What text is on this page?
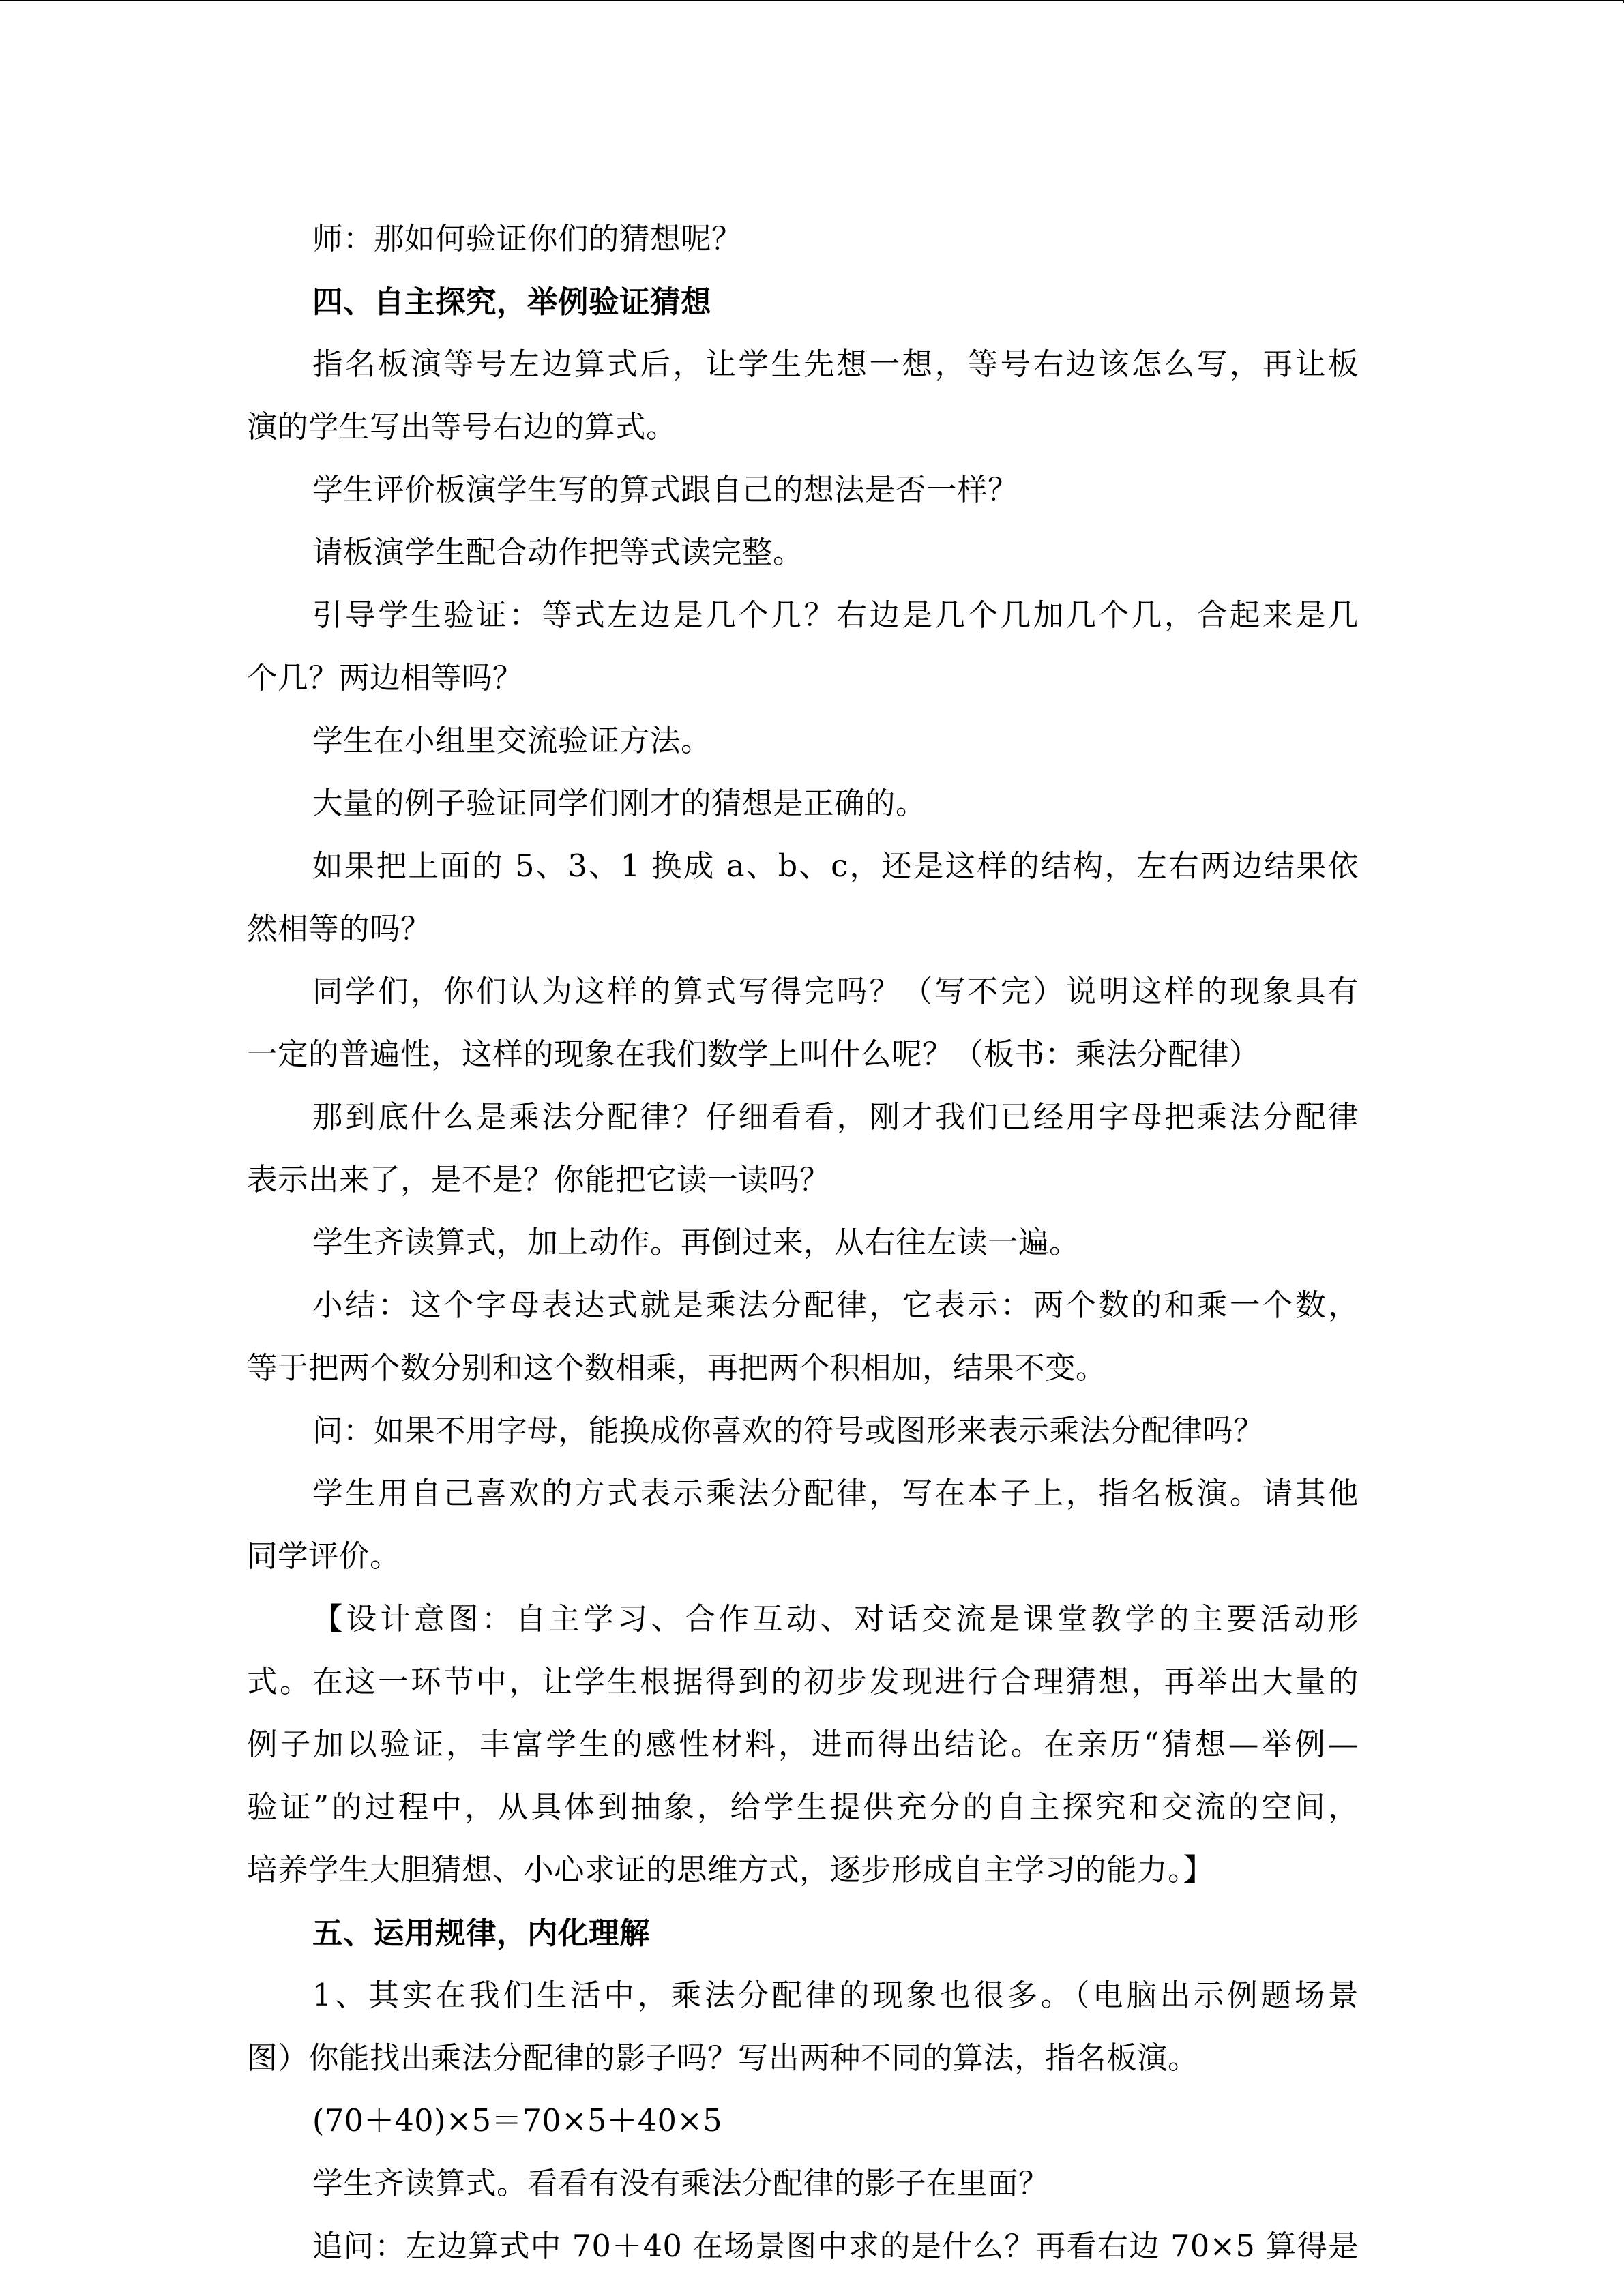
师：那如何验证你们的猜想呢？
四、自主探究，举例验证猜想
指名板演等号左边算式后，让学生先想一想，等号右边该怎么写，再让板
演的学生写出等号右边的算式。
学生评价板演学生写的算式跟自己的想法是否一样？
请板演学生配合动作把等式读完整。
引导学生验证：等式左边是几个几？右边是几个几加几个几，合起来是几
个几？两边相等吗？
学生在小组里交流验证方法。
大量的例子验证同学们刚才的猜想是正确的。
如果把上面的 5、3、1 换成 a、b、c，还是这样的结构，左右两边结果依
然相等的吗？
同学们，你们认为这样的算式写得完吗？（写不完）说明这样的现象具有
一定的普遍性，这样的现象在我们数学上叫什么呢？（板书：乘法分配律）
那到底什么是乘法分配律？仔细看看，刚才我们已经用字母把乘法分配律
表示出来了，是不是？你能把它读一读吗？
学生齐读算式，加上动作。再倒过来，从右往左读一遍。
小结：这个字母表达式就是乘法分配律，它表示：两个数的和乘一个数，
等于把两个数分别和这个数相乘，再把两个积相加，结果不变。
问：如果不用字母，能换成你喜欢的符号或图形来表示乘法分配律吗？
学生用自己喜欢的方式表示乘法分配律，写在本子上，指名板演。请其他
同学评价。
【设计意图：自主学习、合作互动、对话交流是课堂教学的主要活动形
式。在这一环节中，让学生根据得到的初步发现进行合理猜想，再举出大量的
例子加以验证，丰富学生的感性材料，进而得出结论。在亲历“猜想—举例—
验证”的过程中，从具体到抽象，给学生提供充分的自主探究和交流的空间，
培养学生大胆猜想、小心求证的思维方式，逐步形成自主学习的能力。】
五、运用规律，内化理解
1、其实在我们生活中，乘法分配律的现象也很多。（电脑出示例题场景
图）你能找出乘法分配律的影子吗？写出两种不同的算法，指名板演。
(70＋40)×5＝70×5＋40×5
学生齐读算式。看看有没有乘法分配律的影子在里面？
追问：左边算式中 70＋40 在场景图中求的是什么？再看右边 70×5 算得是
